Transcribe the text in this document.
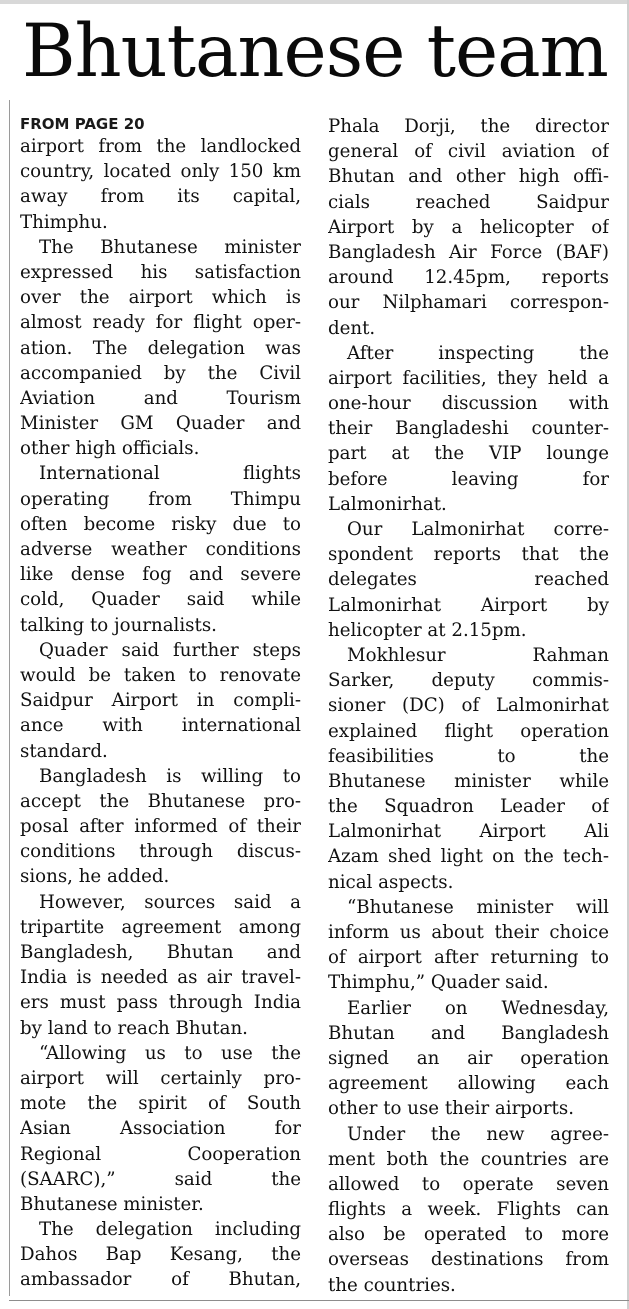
Bhutanese team
FROM PAGE 20
airport from the landlocked
country, located only 150 km
away from its capital,
Thimphu.
The Bhutanese minister
expressed his satisfaction
over the airport which is
almost ready for flight oper-
ation. The delegation was
accompanied by the Civil
Aviation and Tourism
Minister GM Quader and
other high officials.
International flights
operating from Thimpu
often become risky due to
adverse weather conditions
like dense fog and severe
cold, Quader said while
talking to journalists.
Quader said further steps
would be taken to renovate
Saidpur Airport in compli-
ance with international
standard.
Bangladesh is willing to
accept the Bhutanese pro-
posal after informed of their
conditions through discus-
sions, he added.
However, sources said a
tripartite agreement among
Bangladesh, Bhutan and
India is needed as air travel-
ers must pass through India
by land to reach Bhutan.
“Allowing us to use the
airport will certainly pro-
mote the spirit of South
Asian Association for
Regional Cooperation
(SAARC),” said the
Bhutanese minister.
The delegation including
Dahos Bap Kesang, the
ambassador of Bhutan,
Phala Dorji, the director
general of civil aviation of
Bhutan and other high offi-
cials reached Saidpur
Airport by a helicopter of
Bangladesh Air Force (BAF)
around 12.45pm, reports
our Nilphamari correspon-
dent.
After inspecting the
airport facilities, they held a
one-hour discussion with
their Bangladeshi counter-
part at the VIP lounge
before leaving for
Lalmonirhat.
Our Lalmonirhat corre-
spondent reports that the
delegates reached
Lalmonirhat Airport by
helicopter at 2.15pm.
Mokhlesur Rahman
Sarker, deputy commis-
sioner (DC) of Lalmonirhat
explained flight operation
feasibilities to the
Bhutanese minister while
the Squadron Leader of
Lalmonirhat Airport Ali
Azam shed light on the tech-
nical aspects.
“Bhutanese minister will
inform us about their choice
of airport after returning to
Thimphu,” Quader said.
Earlier on Wednesday,
Bhutan and Bangladesh
signed an air operation
agreement allowing each
other to use their airports.
Under the new agree-
ment both the countries are
allowed to operate seven
flights a week. Flights can
also be operated to more
overseas destinations from
the countries.
